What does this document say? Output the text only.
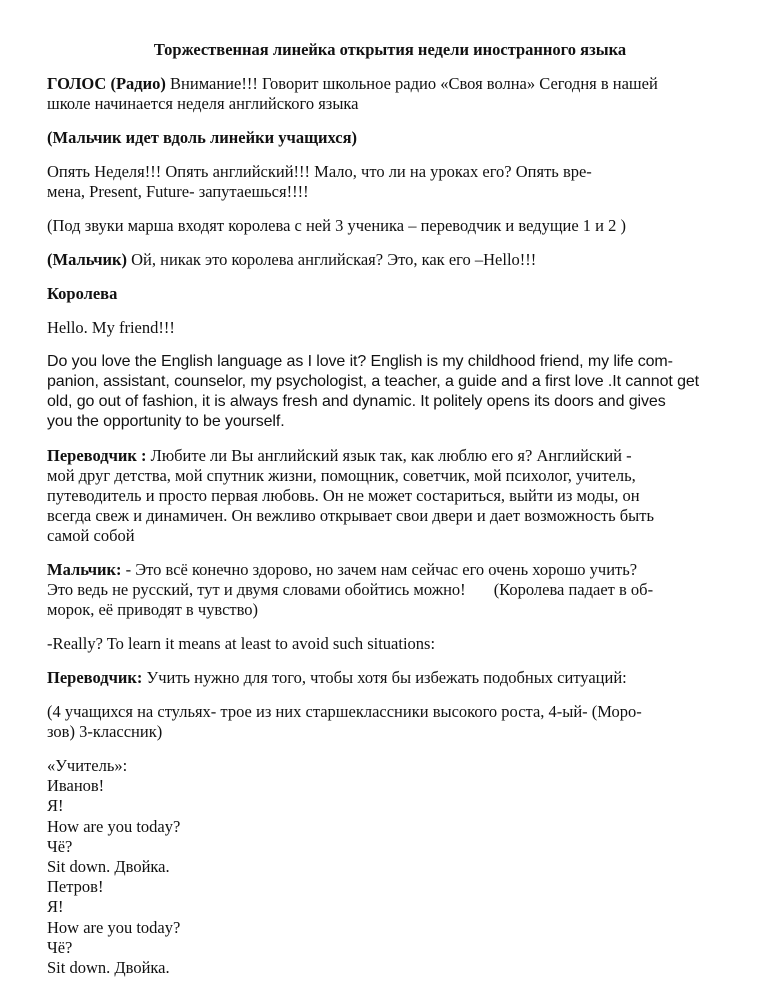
Торжественная линейка открытия недели иностранного языка

ГОЛОС (Радио) Внимание!!! Говорит школьное радио «Своя волна» Сегодня в нашей
школе начинается неделя английского языка

(Мальчик идет вдоль линейки учащихся)

Опять Неделя!!! Опять английский!!! Мало, что ли на уроках его? Опять вре-
мена, Present, Future- запутаешься!!!!

(Под звуки марша входят королева с ней 3 ученика – переводчик и ведущие 1 и 2 )

(Мальчик) Ой, никак это королева английская? Это, как его –Hello!!!

Королева

Hello. My friend!!!

Do you love the English language as I love it? English is my childhood friend, my life com-
panion, assistant, counselor, my psychologist, a teacher, a guide and a first love .It cannot get
old, go out of fashion, it is always fresh and dynamic. It politely opens its doors and gives
you the opportunity to be yourself.

Переводчик : Любите ли Вы английский язык так, как люблю его я? Английский -
мой друг детства, мой спутник жизни, помощник, советчик, мой психолог, учитель,
путеводитель и просто первая любовь. Он не может состариться, выйти из моды, он
всегда свеж и динамичен. Он вежливо открывает свои двери и дает возможность быть
самой собой

Мальчик: - Это всё конечно здорово, но зачем нам сейчас его очень хорошо учить?
Это ведь не русский, тут и двумя словами обойтись можно! (Королева падает в об-
морок, её приводят в чувство)

-Really? To learn it means at least to avoid such situations:

Переводчик: Учить нужно для того, чтобы хотя бы избежать подобных ситуаций:

(4 учащихся на стульях- трое из них старшеклассники высокого роста, 4-ый- (Моро-
зов) 3-классник)

«Учитель»:
Иванов!
Я!
How are you today?
Чё?
Sit down. Двойка.
Петров!
Я!
How are you today?
Чё?
Sit down. Двойка.
